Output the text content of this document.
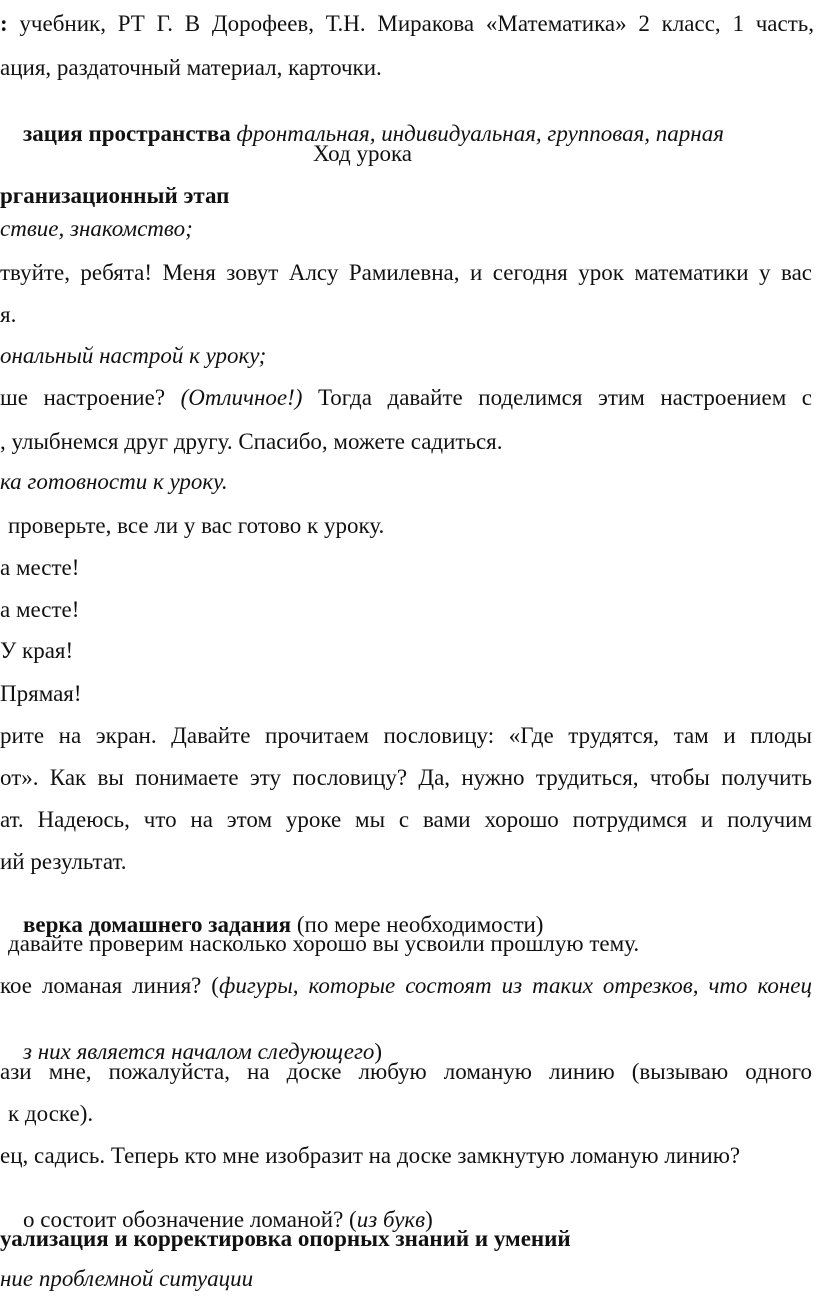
: учебник, РТ Г. В Дорофеев, Т.Н. Миракова «Математика» 2 класс, 1 часть,
ация, раздаточный материал, карточки.

зация пространства фронтальная, индивидуальная, групповая, парная

Ход урока
рганизационный этап
ствие, знакомство;
твуйте, ребята! Меня зовут Алсу Рамилевна, и сегодня урок математики у вас
я.
ональный настрой к уроку;
ше настроение? (Отличное!) Тогда давайте поделимся этим настроением с
, улыбнемся друг другу. Спасибо, можете садиться.
ка готовности к уроку.
проверьте, все ли у вас готово к уроку.
а месте!
а месте!
У края!
Прямая!
рите на экран. Давайте прочитаем пословицу: «Где трудятся, там и плоды
от». Как вы понимаете эту пословицу? Да, нужно трудиться, чтобы получить
ат. Надеюсь, что на этом уроке мы с вами хорошо потрудимся и получим
ий результат.

верка домашнего задания (по мере необходимости)

давайте проверим насколько хорошо вы усвоили прошлую тему.
кое ломаная линия? (фигуры, которые состоят из таких отрезков, что конец

з них является началом следующего)

ази мне, пожалуйста, на доске любую ломаную линию (вызываю одного
к доске).
ец, садись. Теперь кто мне изобразит на доске замкнутую ломаную линию?

о состоит обозначение ломаной? (из букв)

уализация и корректировка опорных знаний и умений
ние проблемной ситуации
